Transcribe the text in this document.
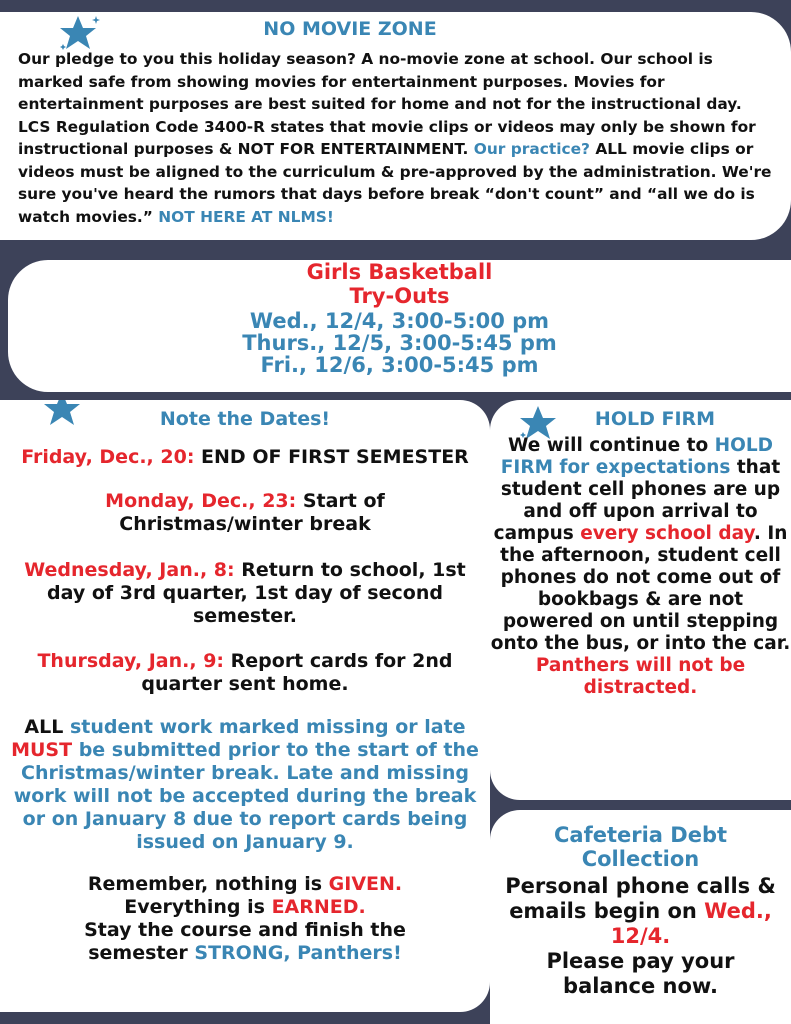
NO MOVIE ZONE
Our pledge to you this holiday season? A no-movie zone at school. Our school is marked safe from showing movies for entertainment purposes. Movies for entertainment purposes are best suited for home and not for the instructional day. LCS Regulation Code 3400-R states that movie clips or videos may only be shown for instructional purposes & NOT FOR ENTERTAINMENT. Our practice? ALL movie clips or videos must be aligned to the curriculum & pre-approved by the administration. We're sure you've heard the rumors that days before break “don't count” and “all we do is watch movies.” NOT HERE AT NLMS!
Girls Basketball
Try-Outs
Wed., 12/4, 3:00-5:00 pm
Thurs., 12/5, 3:00-5:45 pm
Fri., 12/6, 3:00-5:45 pm
Note the Dates!
Friday, Dec., 20: END OF FIRST SEMESTER
Monday, Dec., 23: Start of Christmas/winter break
Wednesday, Jan., 8: Return to school, 1st day of 3rd quarter, 1st day of second semester.
Thursday, Jan., 9: Report cards for 2nd quarter sent home.
ALL student work marked missing or late MUST be submitted prior to the start of the Christmas/winter break. Late and missing work will not be accepted during the break or on January 8 due to report cards being issued on January 9.
Remember, nothing is GIVEN.
Everything is EARNED.
Stay the course and finish the semester STRONG, Panthers!
HOLD FIRM
We will continue to HOLD FIRM for expectations that student cell phones are up and off upon arrival to campus every school day. In the afternoon, student cell phones do not come out of bookbags & are not powered on until stepping onto the bus, or into the car.
Panthers will not be distracted.
Cafeteria Debt Collection
Personal phone calls & emails begin on Wed., 12/4.
Please pay your balance now.
